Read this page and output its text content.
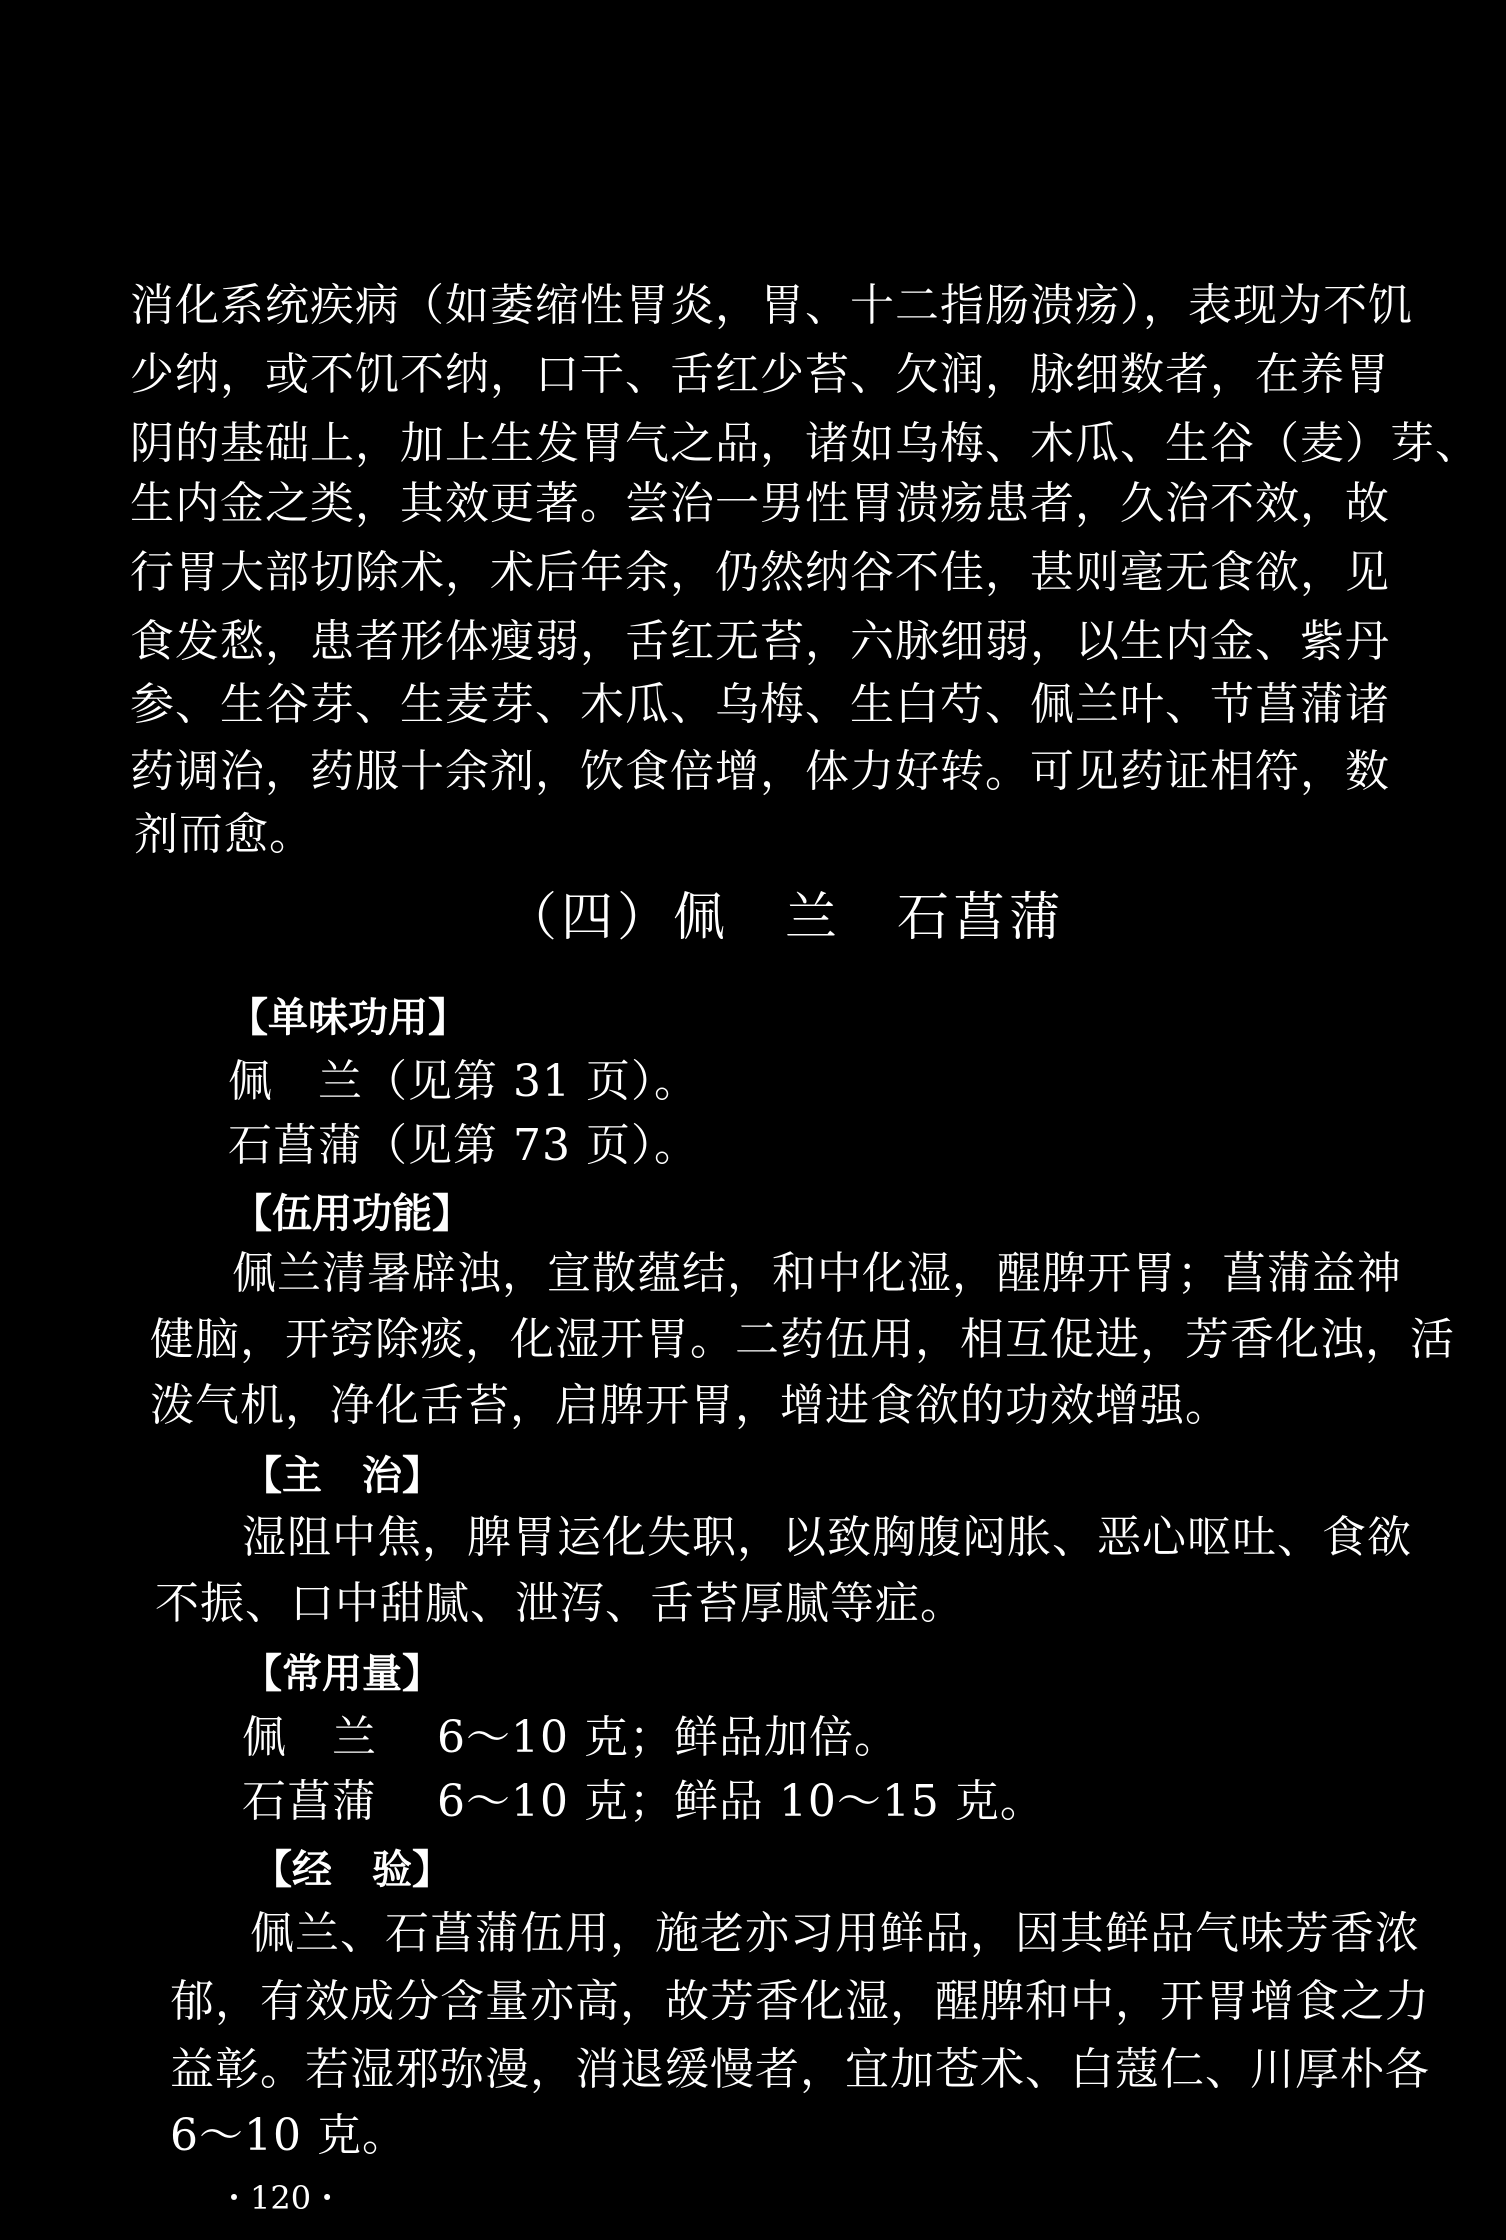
消化系统疾病（如萎缩性胃炎，胃、十二指肠溃疡），表现为不饥
少纳，或不饥不纳，口干、舌红少苔、欠润，脉细数者，在养胃
阴的基础上，加上生发胃气之品，诸如乌梅、木瓜、生谷（麦）芽、
生内金之类，其效更著。尝治一男性胃溃疡患者，久治不效，故
行胃大部切除术，术后年余，仍然纳谷不佳，甚则毫无食欲，见
食发愁，患者形体瘦弱，舌红无苔，六脉细弱，以生内金、紫丹
参、生谷芽、生麦芽、木瓜、乌梅、生白芍、佩兰叶、节菖蒲诸
药调治，药服十余剂，饮食倍增，体力好转。可见药证相符，数
剂而愈。
（四）佩　兰　石菖蒲
【单味功用】
佩　兰（见第 31 页）。
石菖蒲（见第 73 页）。
【伍用功能】
佩兰清暑辟浊，宣散蕴结，和中化湿，醒脾开胃；菖蒲益神
健脑，开窍除痰，化湿开胃。二药伍用，相互促进，芳香化浊，活
泼气机，净化舌苔，启脾开胃，增进食欲的功效增强。
【主　治】
湿阻中焦，脾胃运化失职，以致胸腹闷胀、恶心呕吐、食欲
不振、口中甜腻、泄泻、舌苔厚腻等症。
【常用量】
佩　兰　 6～10 克；鲜品加倍。
石菖蒲　 6～10 克；鲜品 10～15 克。
【经　验】
佩兰、石菖蒲伍用，施老亦习用鲜品，因其鲜品气味芳香浓
郁，有效成分含量亦高，故芳香化湿，醒脾和中，开胃增食之力
益彰。若湿邪弥漫，消退缓慢者，宜加苍术、白蔻仁、川厚朴各
6～10 克。
・120・
